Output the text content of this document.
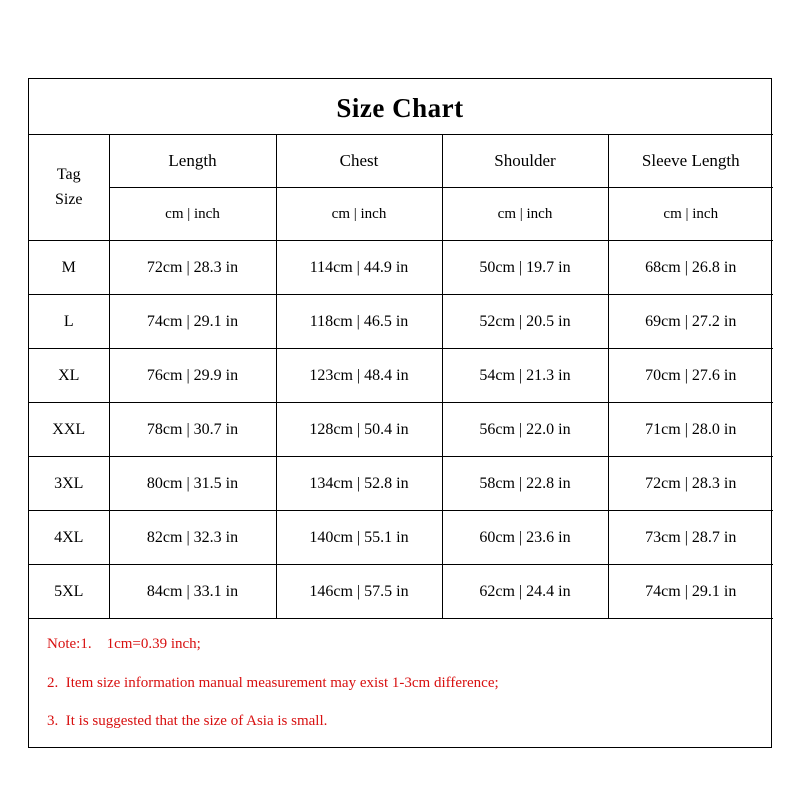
Size Chart
Tag
Size	Length	Chest	Shoulder	Sleeve Length
	cm | inch	cm | inch	cm | inch	cm | inch
M	72cm | 28.3 in	114cm | 44.9 in	50cm | 19.7 in	68cm | 26.8 in
L	74cm | 29.1 in	118cm | 46.5 in	52cm | 20.5 in	69cm | 27.2 in
XL	76cm | 29.9 in	123cm | 48.4 in	54cm | 21.3 in	70cm | 27.6 in
XXL	78cm | 30.7 in	128cm | 50.4 in	56cm | 22.0 in	71cm | 28.0 in
3XL	80cm | 31.5 in	134cm | 52.8 in	58cm | 22.8 in	72cm | 28.3 in
4XL	82cm | 32.3 in	140cm | 55.1 in	60cm | 23.6 in	73cm | 28.7 in
5XL	84cm | 33.1 in	146cm | 57.5 in	62cm | 24.4 in	74cm | 29.1 in

Note:1.    1cm=0.39 inch;

2.  Item size information manual measurement may exist 1-3cm difference;

3.  It is suggested that the size of Asia is small.
